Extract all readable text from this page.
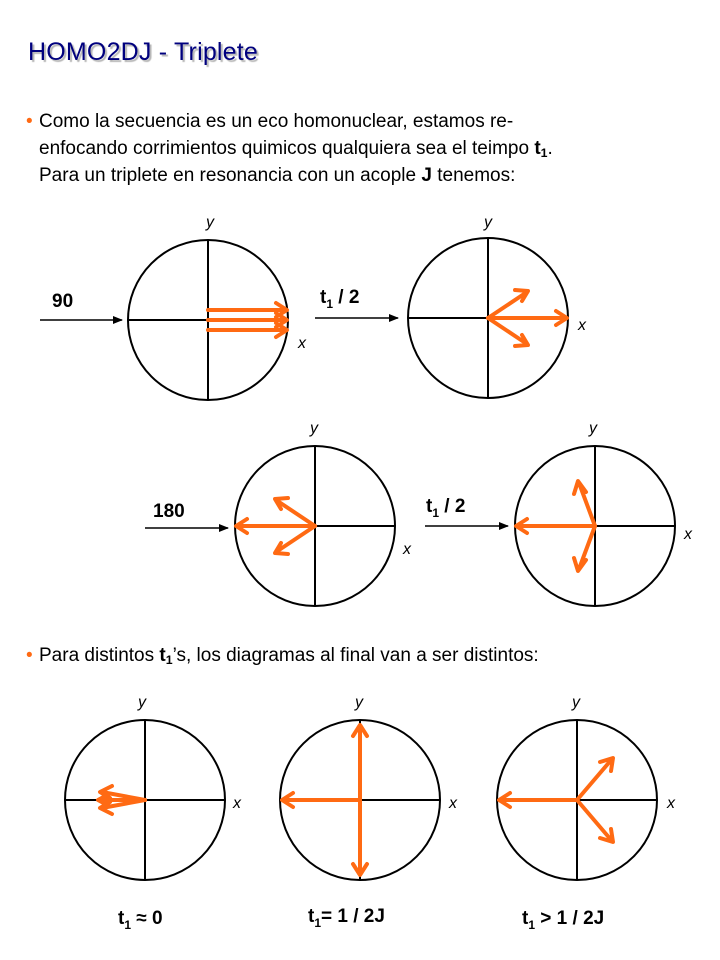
HOMO2DJ - Triplete
• Como la secuencia es un eco homonuclear, estamos re-
enfocando corrimientos quimicos qualquiera sea el teimpo $t_1$.
Para un triplete en resonancia con un acople J tenemos:
• Para distintos $t_1’s$, los diagramas al final van a ser distintos:
y
x
90
y
x
$t_1 / 2$
y
x
180
y
x
$t_1 / 2$
y
x
$t_1 \approx 0$
y
x
$t_1= 1 / 2J$
y
x
$t_1 > 1 / 2J$
